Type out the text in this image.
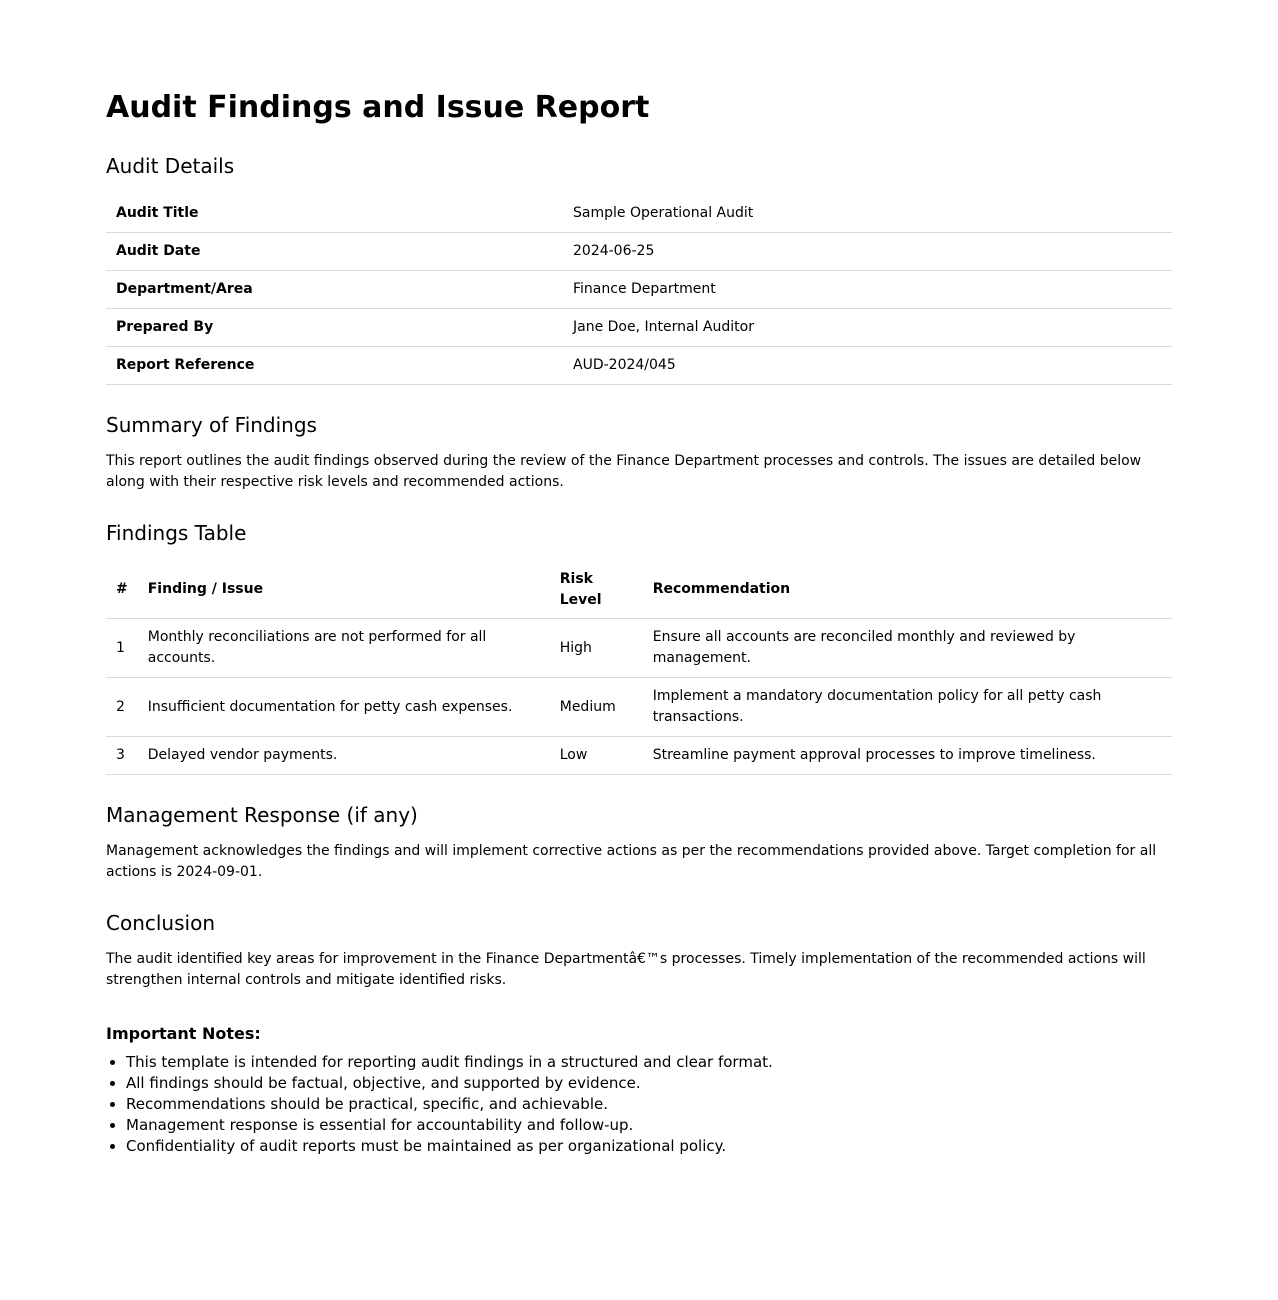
Audit Findings and Issue Report
Audit Details
Audit Title	Sample Operational Audit
Audit Date	2024-06-25
Department/Area	Finance Department
Prepared By	Jane Doe, Internal Auditor
Report Reference	AUD-2024/045
Summary of Findings

This report outlines the audit findings observed during the review of the Finance Department processes and controls. The issues are detailed below along with their respective risk levels and recommended actions.

Findings Table
#	Finding / Issue	Risk Level	Recommendation
1	Monthly reconciliations are not performed for all accounts.	High	Ensure all accounts are reconciled monthly and reviewed by management.
2	Insufficient documentation for petty cash expenses.	Medium	Implement a mandatory documentation policy for all petty cash transactions.
3	Delayed vendor payments.	Low	Streamline payment approval processes to improve timeliness.
Management Response (if any)

Management acknowledges the findings and will implement corrective actions as per the recommendations provided above. Target completion for all actions is 2024-09-01.

Conclusion

The audit identified key areas for improvement in the Finance Departmentâ€™s processes. Timely implementation of the recommended actions will strengthen internal controls and mitigate identified risks.

Important Notes:
• This template is intended for reporting audit findings in a structured and clear format.
• All findings should be factual, objective, and supported by evidence.
• Recommendations should be practical, specific, and achievable.
• Management response is essential for accountability and follow-up.
• Confidentiality of audit reports must be maintained as per organizational policy.
